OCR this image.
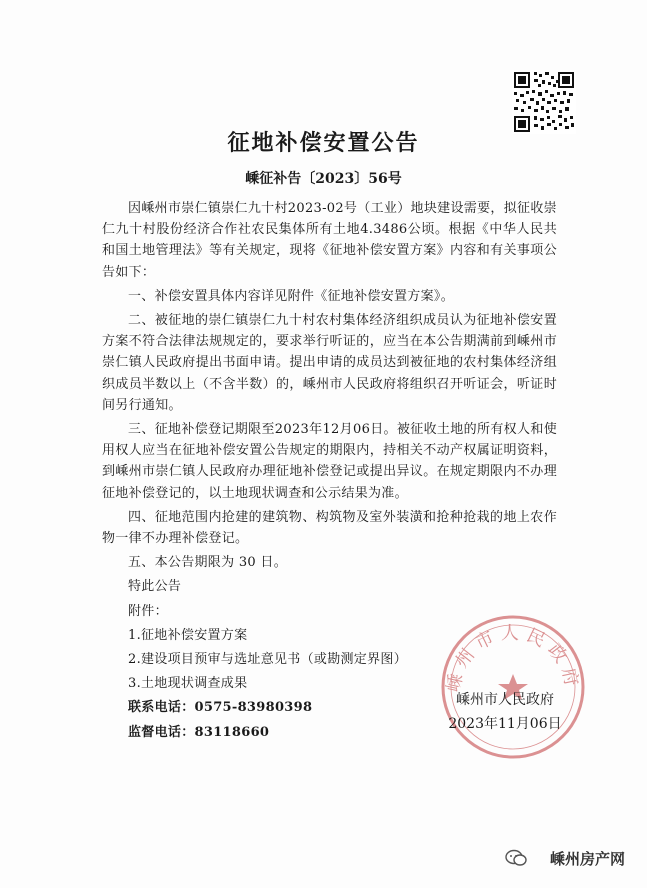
征地补偿安置公告
嵊征补告〔2023〕56号

因嵊州市崇仁镇崇仁九十村2023-02号（工业）地块建设需要，拟征收崇仁九十村股份经济合作社农民集体所有土地4.3486公顷。根据《中华人民共和国土地管理法》等有关规定，现将《征地补偿安置方案》内容和有关事项公告如下：

一、补偿安置具体内容详见附件《征地补偿安置方案》。

二、被征地的崇仁镇崇仁九十村农村集体经济组织成员认为征地补偿安置方案不符合法律法规规定的，要求举行听证的，应当在本公告期满前到嵊州市崇仁镇人民政府提出书面申请。提出申请的成员达到被征地的农村集体经济组织成员半数以上（不含半数）的，嵊州市人民政府将组织召开听证会，听证时间另行通知。

三、征地补偿登记期限至2023年12月06日。被征收土地的所有权人和使用权人应当在征地补偿安置公告规定的期限内，持相关不动产权属证明资料，到嵊州市崇仁镇人民政府办理征地补偿登记或提出异议。在规定期限内不办理征地补偿登记的，以土地现状调查和公示结果为准。

四、征地范围内抢建的建筑物、构筑物及室外装潢和抢种抢栽的地上农作物一律不办理补偿登记。

五、本公告期限为 30 日。

特此公告

附件：

1.征地补偿安置方案

2.建设项目预审与选址意见书（或勘测定界图）

3.土地现状调查成果

联系电话：0575-83980398

监督电话：83118660

嵊州市人民政府
嵊州市人民政府
2023年11月06日
嵊州房产网
